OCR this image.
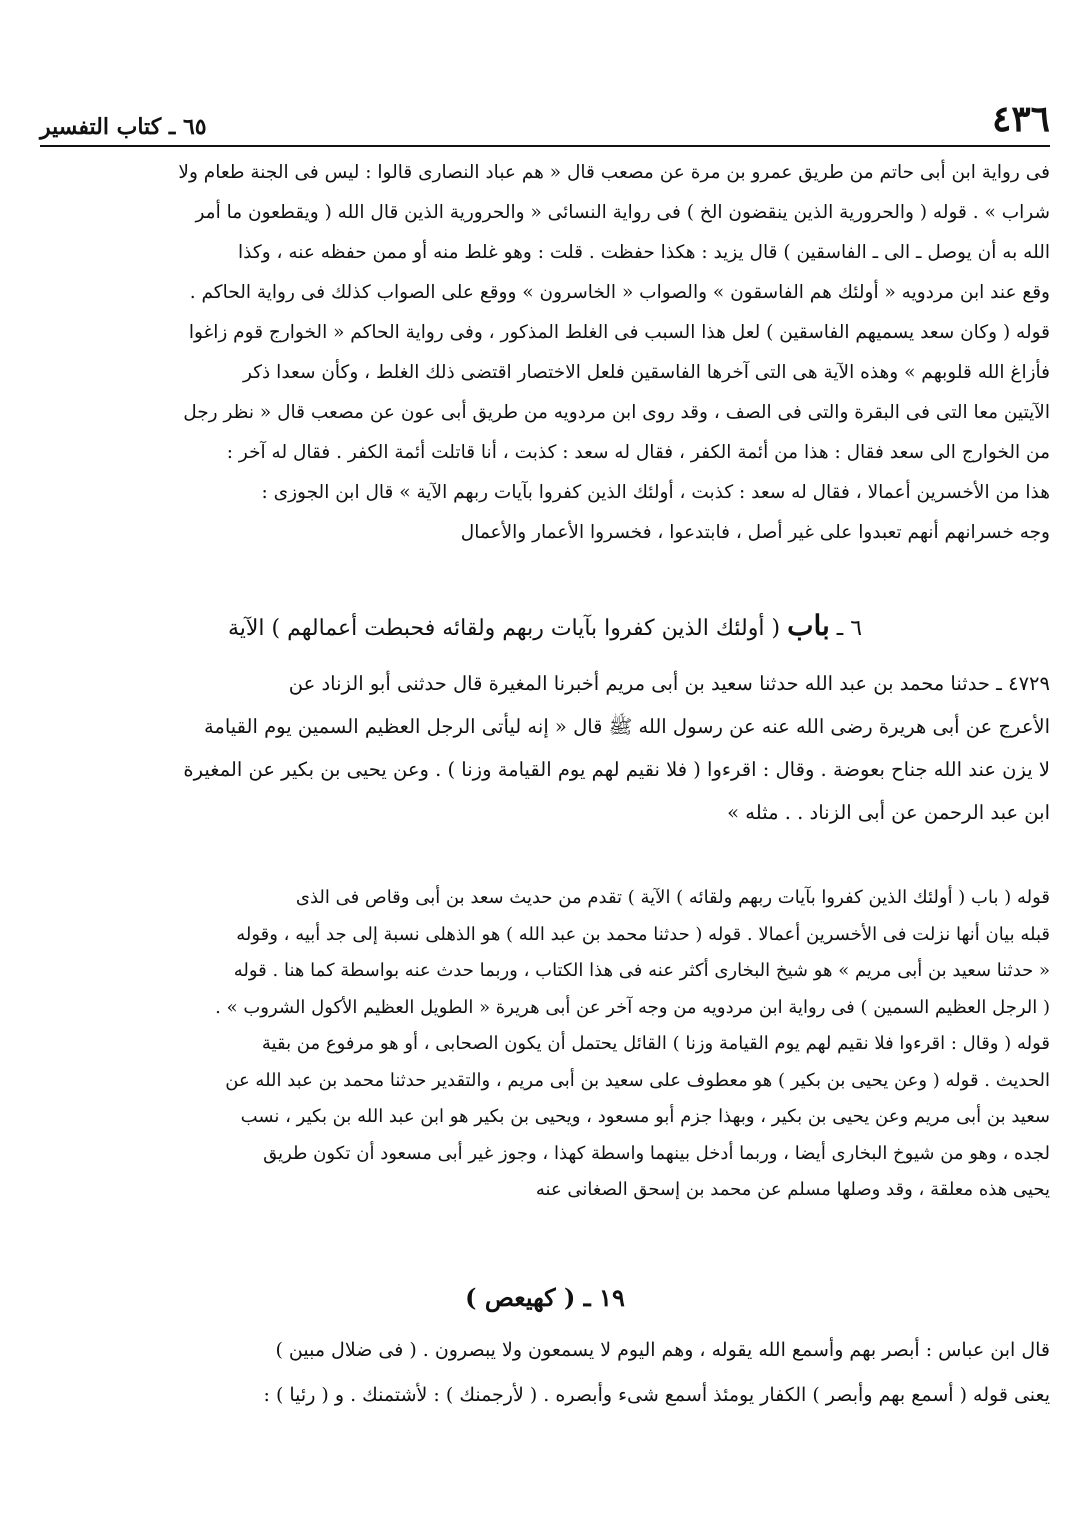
٤٣٦
٦٥ ـ كتاب التفسير
فى رواية ابن أبى حاتم من طريق عمرو بن مرة عن مصعب قال « هم عباد النصارى قالوا : ليس فى الجنة طعام ولا
شراب » . قوله ( والحرورية الذين ينقضون الخ ) فى رواية النسائى « والحرورية الذين قال الله ( ويقطعون ما أمر
الله به أن يوصل ـ الى ـ الفاسقين ) قال يزيد : هكذا حفظت . قلت : وهو غلط منه أو ممن حفظه عنه ، وكذا
وقع عند ابن مردويه « أولئك هم الفاسقون » والصواب « الخاسرون » ووقع على الصواب كذلك فى رواية الحاكم .
قوله ( وكان سعد يسميهم الفاسقين ) لعل هذا السبب فى الغلط المذكور ، وفى رواية الحاكم « الخوارج قوم زاغوا
فأزاغ الله قلوبهم » وهذه الآية هى التى آخرها الفاسقين فلعل الاختصار اقتضى ذلك الغلط ، وكأن سعدا ذكر
الآيتين معا التى فى البقرة والتى فى الصف ، وقد روى ابن مردويه من طريق أبى عون عن مصعب قال « نظر رجل
من الخوارج الى سعد فقال : هذا من أئمة الكفر ، فقال له سعد : كذبت ، أنا قاتلت أئمة الكفر . فقال له آخر :
هذا من الأخسرين أعمالا ، فقال له سعد : كذبت ، أولئك الذين كفروا بآيات ربهم الآية » قال ابن الجوزى :
وجه خسرانهم أنهم تعبدوا على غير أصل ، فابتدعوا ، فخسروا الأعمار والأعمال
٦ ـ باب ( أولئك الذين كفروا بآيات ربهم ولقائه فحبطت أعمالهم ) الآية
٤٧٢٩ ـ حدثنا محمد بن عبد الله حدثنا سعيد بن أبى مريم أخبرنا المغيرة قال حدثنى أبو الزناد عن
الأعرج عن أبى هريرة رضى الله عنه عن رسول الله ﷺ قال « إنه ليأتى الرجل العظيم السمين يوم القيامة
لا يزن عند الله جناح بعوضة . وقال : اقرءوا ( فلا نقيم لهم يوم القيامة وزنا ) . وعن يحيى بن بكير عن المغيرة
ابن عبد الرحمن عن أبى الزناد . . مثله »
قوله ( باب ( أولئك الذين كفروا بآيات ربهم ولقائه ) الآية ) تقدم من حديث سعد بن أبى وقاص فى الذى
قبله بيان أنها نزلت فى الأخسرين أعمالا . قوله ( حدثنا محمد بن عبد الله ) هو الذهلى نسبة إلى جد أبيه ، وقوله
« حدثنا سعيد بن أبى مريم » هو شيخ البخارى أكثر عنه فى هذا الكتاب ، وربما حدث عنه بواسطة كما هنا . قوله
( الرجل العظيم السمين ) فى رواية ابن مردويه من وجه آخر عن أبى هريرة « الطويل العظيم الأكول الشروب » .
قوله ( وقال : اقرءوا فلا نقيم لهم يوم القيامة وزنا ) القائل يحتمل أن يكون الصحابى ، أو هو مرفوع من بقية
الحديث . قوله ( وعن يحيى بن بكير ) هو معطوف على سعيد بن أبى مريم ، والتقدير حدثنا محمد بن عبد الله عن
سعيد بن أبى مريم وعن يحيى بن بكير ، وبهذا جزم أبو مسعود ، ويحيى بن بكير هو ابن عبد الله بن بكير ، نسب
لجده ، وهو من شيوخ البخارى أيضا ، وربما أدخل بينهما واسطة كهذا ، وجوز غير أبى مسعود أن تكون طريق
يحيى هذه معلقة ، وقد وصلها مسلم عن محمد بن إسحق الصغانى عنه
١٩ ـ ( كهيعص )
قال ابن عباس : أبصر بهم وأسمع الله يقوله ، وهم اليوم لا يسمعون ولا يبصرون . ( فى ضلال مبين )
يعنى قوله ( أسمع بهم وأبصر ) الكفار يومئذ أسمع شىء وأبصره . ( لأرجمنك ) : لأشتمنك . و ( رئيا ) :
